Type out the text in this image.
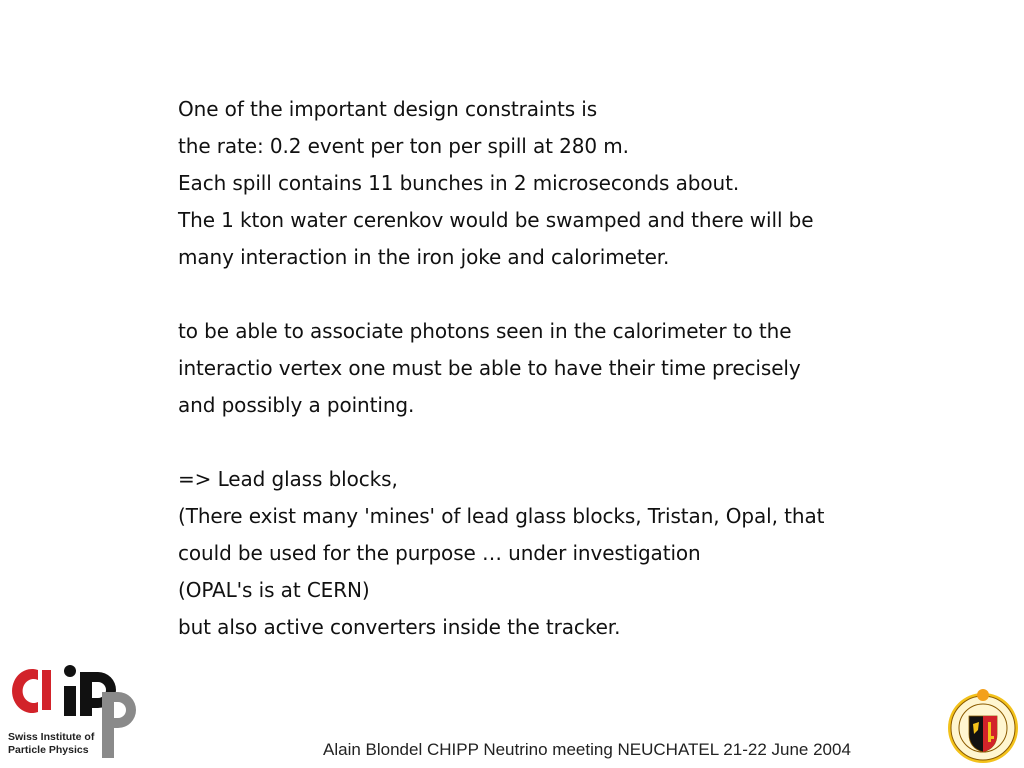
One of the important design constraints is
the rate: 0.2 event per ton per spill at 280 m.
Each spill contains 11 bunches in 2 microseconds about.
The 1 kton water cerenkov would be swamped and there will be
many interaction in the iron joke and calorimeter.
to be able to associate photons seen in the calorimeter to the
interactio vertex one must be able to have their time precisely
and possibly a pointing.
=> Lead glass blocks,
(There exist many 'mines' of lead glass blocks, Tristan, Opal, that
could be used for the purpose … under investigation
(OPAL's is at CERN)
but also active converters inside the tracker.
Swiss Institute of
Particle Physics	Alain Blondel CHIPP Neutrino meeting NEUCHATEL 21-22 June 2004
